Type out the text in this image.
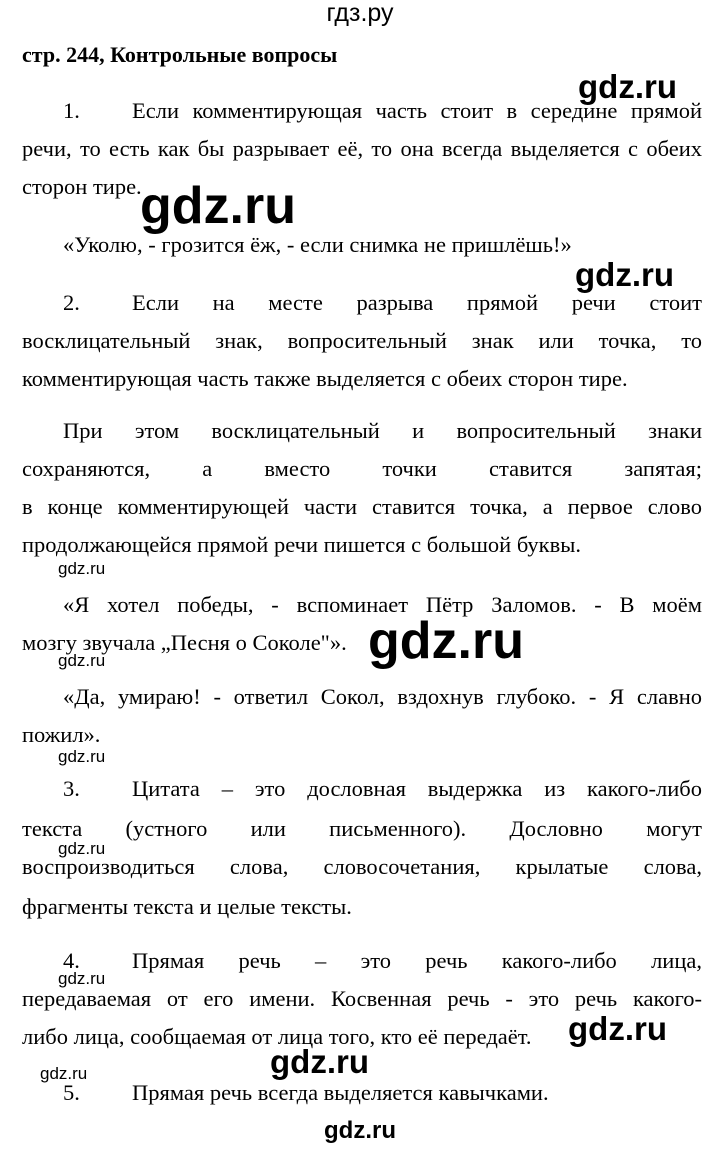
гдз.ру
стр. 244, Контрольные вопросы
1. Если комментирующая часть стоит в середине прямой
речи, то есть как бы разрывает её, то она всегда выделяется с обеих
сторон тире.
«Уколю, - грозится ёж, - если снимка не пришлёшь!»
2. Если на месте разрыва прямой речи стоит
восклицательный знак, вопросительный знак или точка, то
комментирующая часть также выделяется с обеих сторон тире.
При этом восклицательный и вопросительный знаки
сохраняются, а вместо точки ставится запятая;
в конце комментирующей части ставится точка, а первое слово
продолжающейся прямой речи пишется с большой буквы.
«Я хотел победы, - вспоминает Пётр Заломов. - В моём
мозгу звучала „Песня о Соколе"».
«Да, умираю! - ответил Сокол, вздохнув глубоко. - Я славно
пожил».
3. Цитата – это дословная выдержка из какого-либо
текста (устного или письменного). Дословно могут
воспроизводиться слова, словосочетания, крылатые слова,
фрагменты текста и целые тексты.
4. Прямая речь – это речь какого-либо лица,
передаваемая от его имени. Косвенная речь - это речь какого-
либо лица, сообщаемая от лица того, кто её передаёт.
5. Прямая речь всегда выделяется кавычками.
gdz.ru
gdz.ru
gdz.ru
gdz.ru
gdz.ru
gdz.ru
gdz.ru
gdz.ru
gdz.ru
gdz.ru
gdz.ru
gdz.ru
gdz.ru
